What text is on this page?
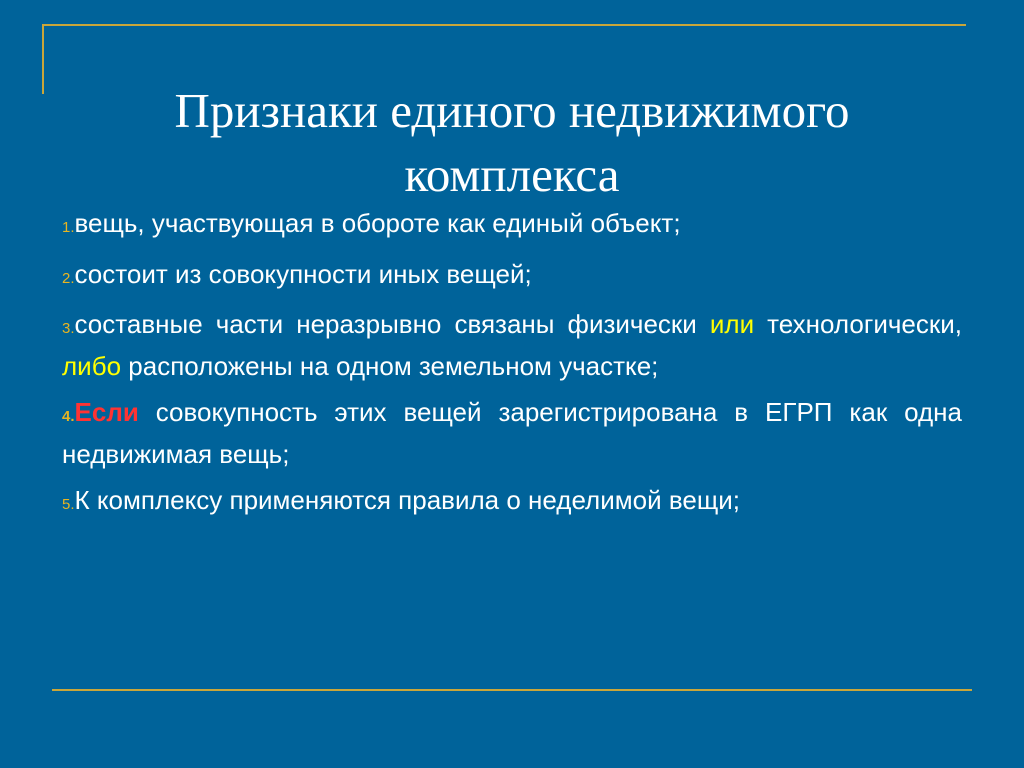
Признаки единого недвижимого
комплекса
1.вещь, участвующая в обороте как единый объект;
2.состоит из совокупности иных вещей;
3.составные части неразрывно связаны физически или технологически, либо расположены на одном земельном участке;
4.Если совокупность этих вещей зарегистрирована в ЕГРП как одна недвижимая вещь;
5.К комплексу применяются правила о неделимой вещи;
